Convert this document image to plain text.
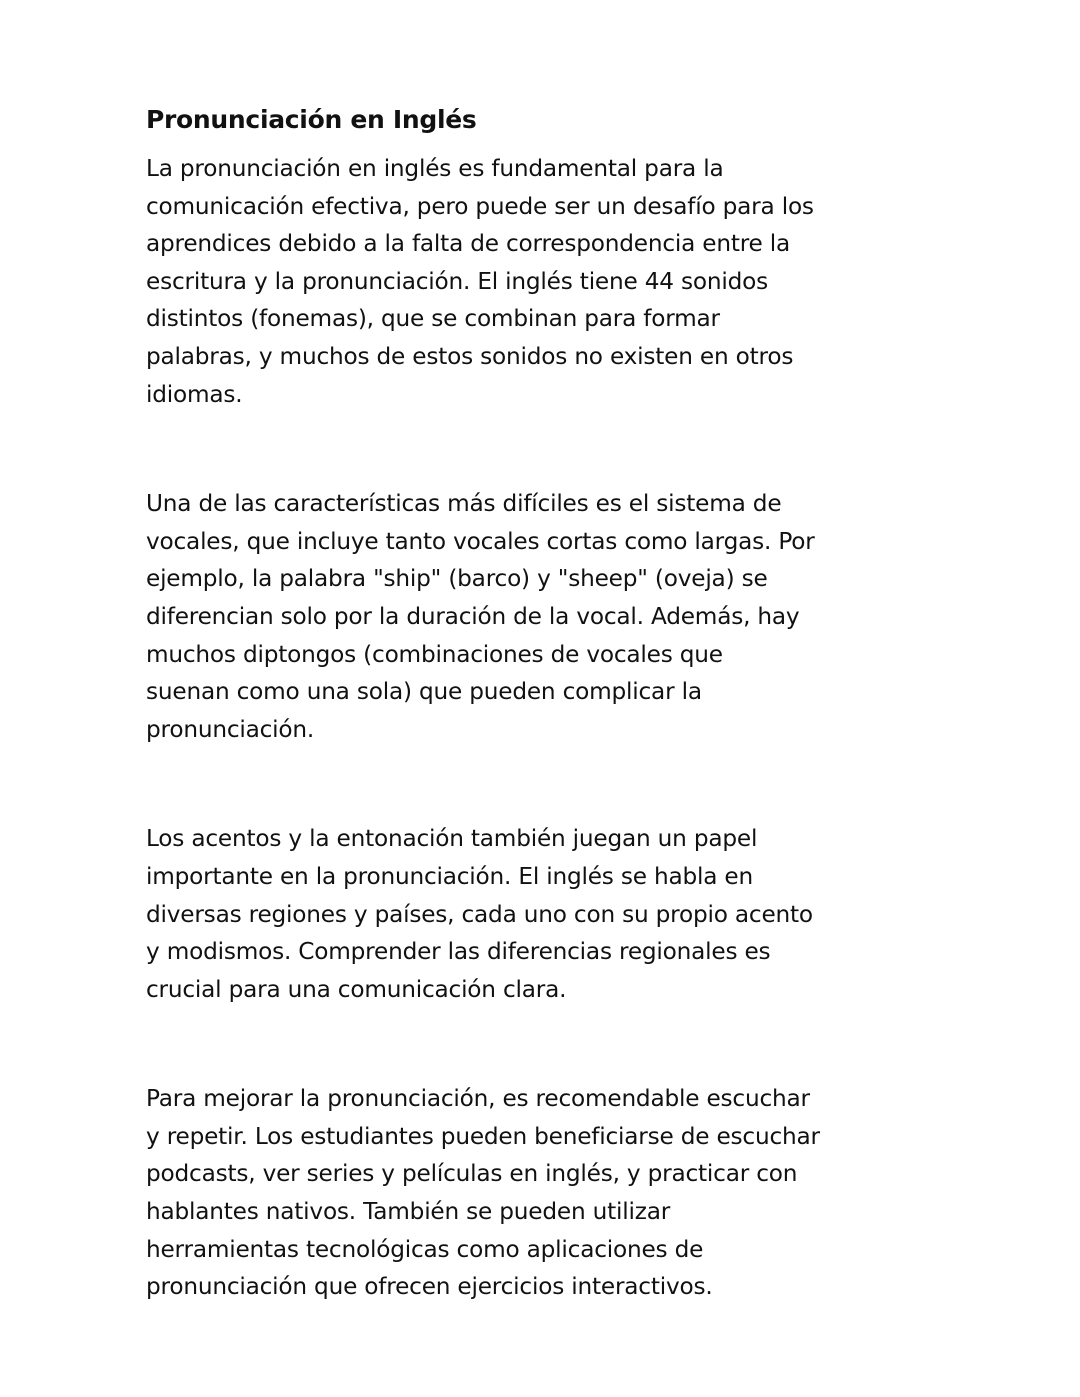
Pronunciación en Inglés

La pronunciación en inglés es fundamental para la
comunicación efectiva, pero puede ser un desafío para los
aprendices debido a la falta de correspondencia entre la
escritura y la pronunciación. El inglés tiene 44 sonidos
distintos (fonemas), que se combinan para formar
palabras, y muchos de estos sonidos no existen en otros
idiomas.

Una de las características más difíciles es el sistema de
vocales, que incluye tanto vocales cortas como largas. Por
ejemplo, la palabra "ship" (barco) y "sheep" (oveja) se
diferencian solo por la duración de la vocal. Además, hay
muchos diptongos (combinaciones de vocales que
suenan como una sola) que pueden complicar la
pronunciación.

Los acentos y la entonación también juegan un papel
importante en la pronunciación. El inglés se habla en
diversas regiones y países, cada uno con su propio acento
y modismos. Comprender las diferencias regionales es
crucial para una comunicación clara.

Para mejorar la pronunciación, es recomendable escuchar
y repetir. Los estudiantes pueden beneficiarse de escuchar
podcasts, ver series y películas en inglés, y practicar con
hablantes nativos. También se pueden utilizar
herramientas tecnológicas como aplicaciones de
pronunciación que ofrecen ejercicios interactivos.
